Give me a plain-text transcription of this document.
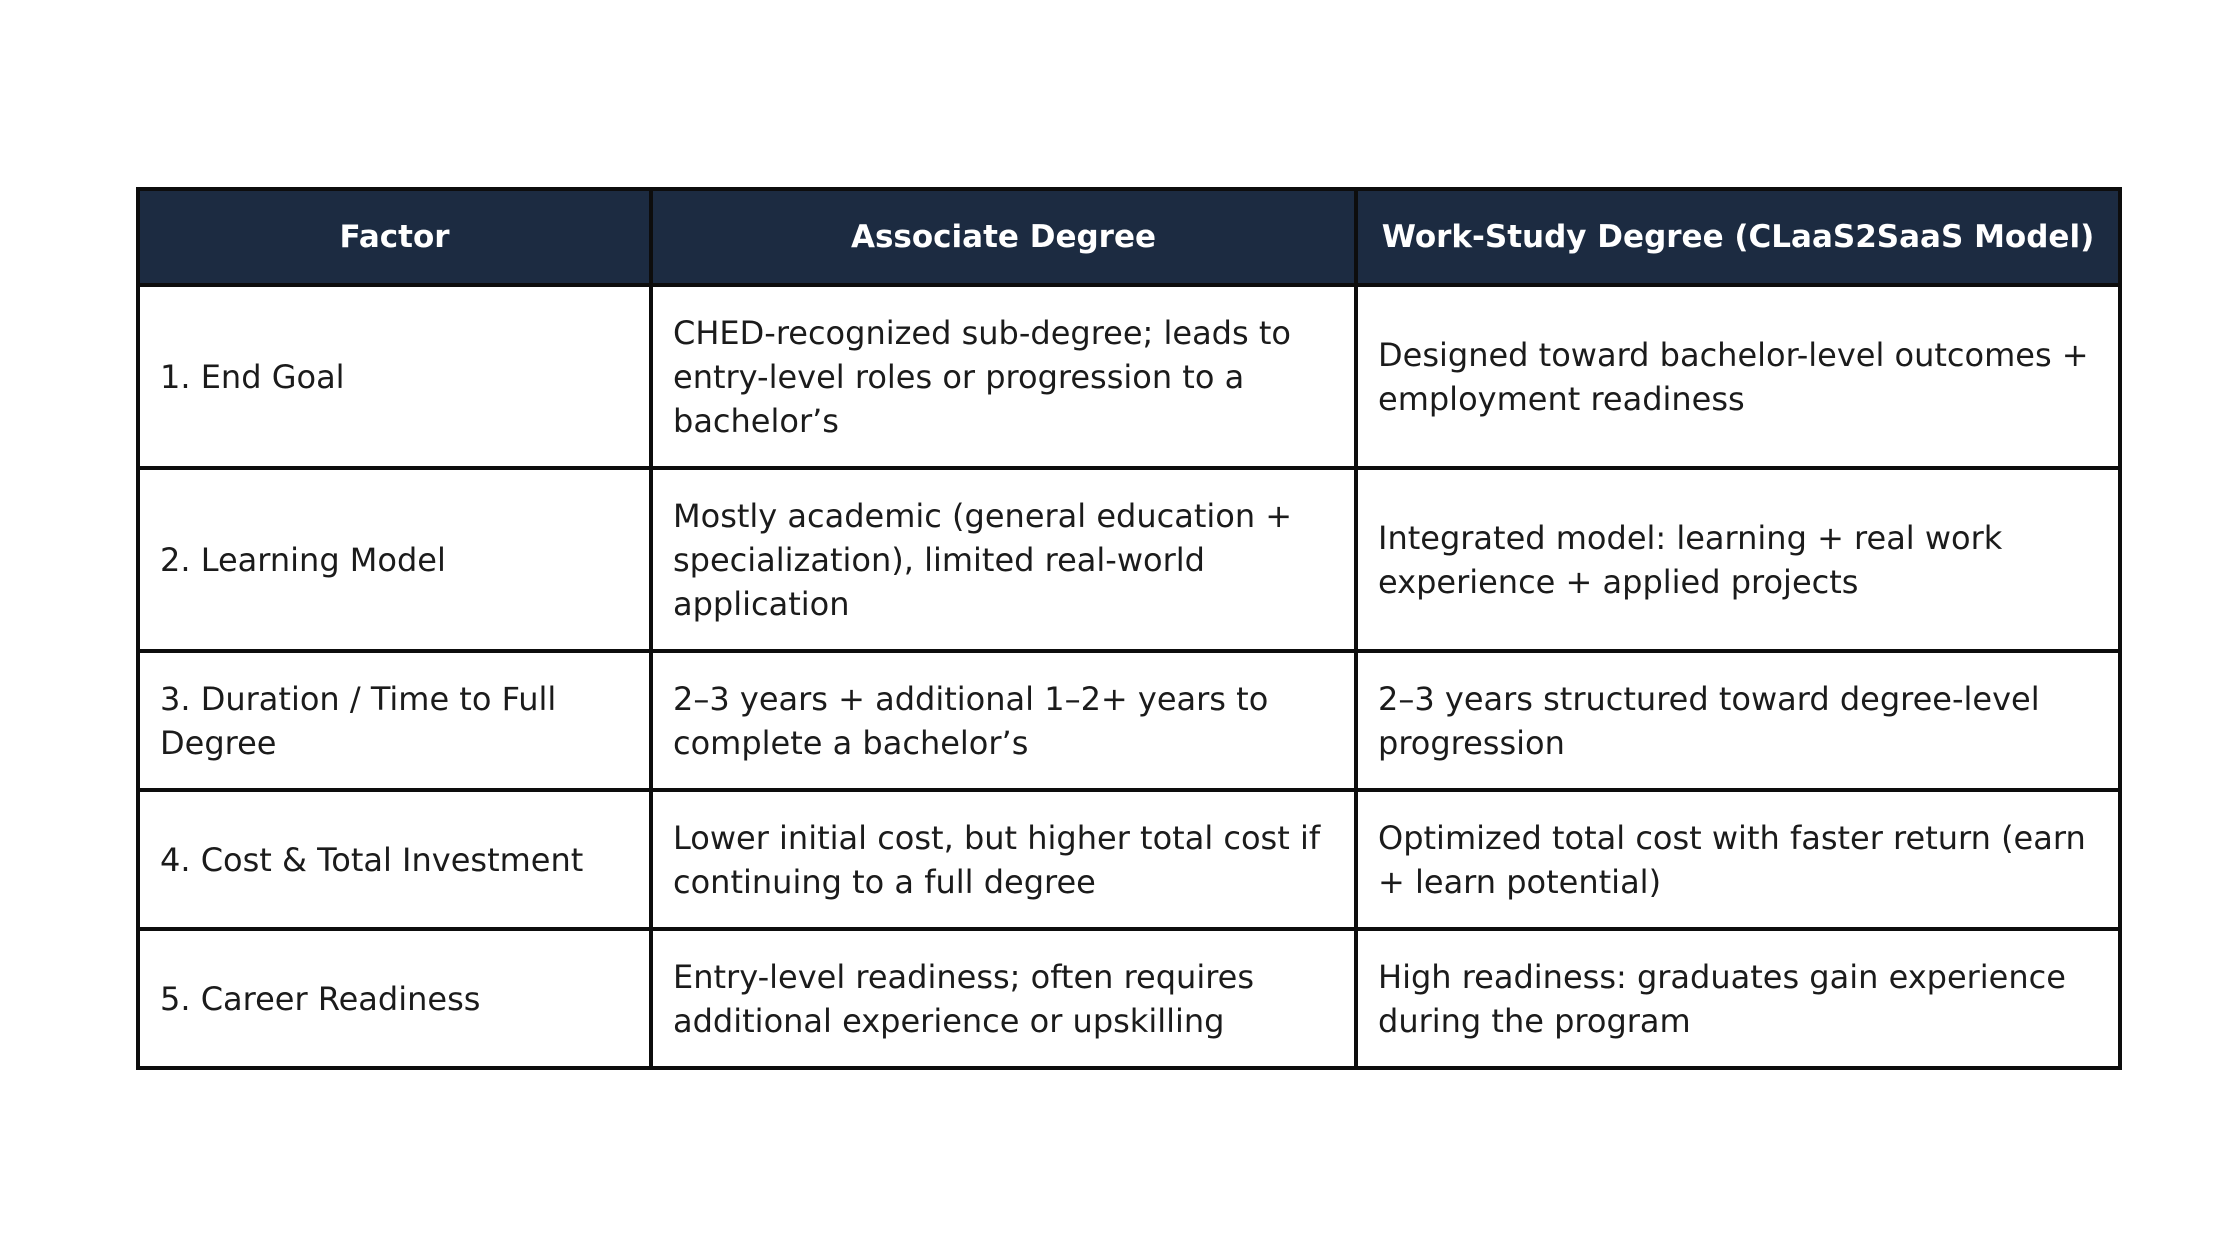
Factor	Associate Degree	Work-Study Degree (CLaaS2SaaS Model)
1. End Goal	CHED-recognized sub-degree; leads to entry-level roles or progression to a bachelor’s	Designed toward bachelor-level outcomes + employment readiness
2. Learning Model	Mostly academic (general education + specialization), limited real-world application	Integrated model: learning + real work experience + applied projects
3. Duration / Time to Full Degree	2–3 years + additional 1–2+ years to complete a bachelor’s	2–3 years structured toward degree-level progression
4. Cost & Total Investment	Lower initial cost, but higher total cost if continuing to a full degree	Optimized total cost with faster return (earn + learn potential)
5. Career Readiness	Entry-level readiness; often requires additional experience or upskilling	High readiness: graduates gain experience during the program
